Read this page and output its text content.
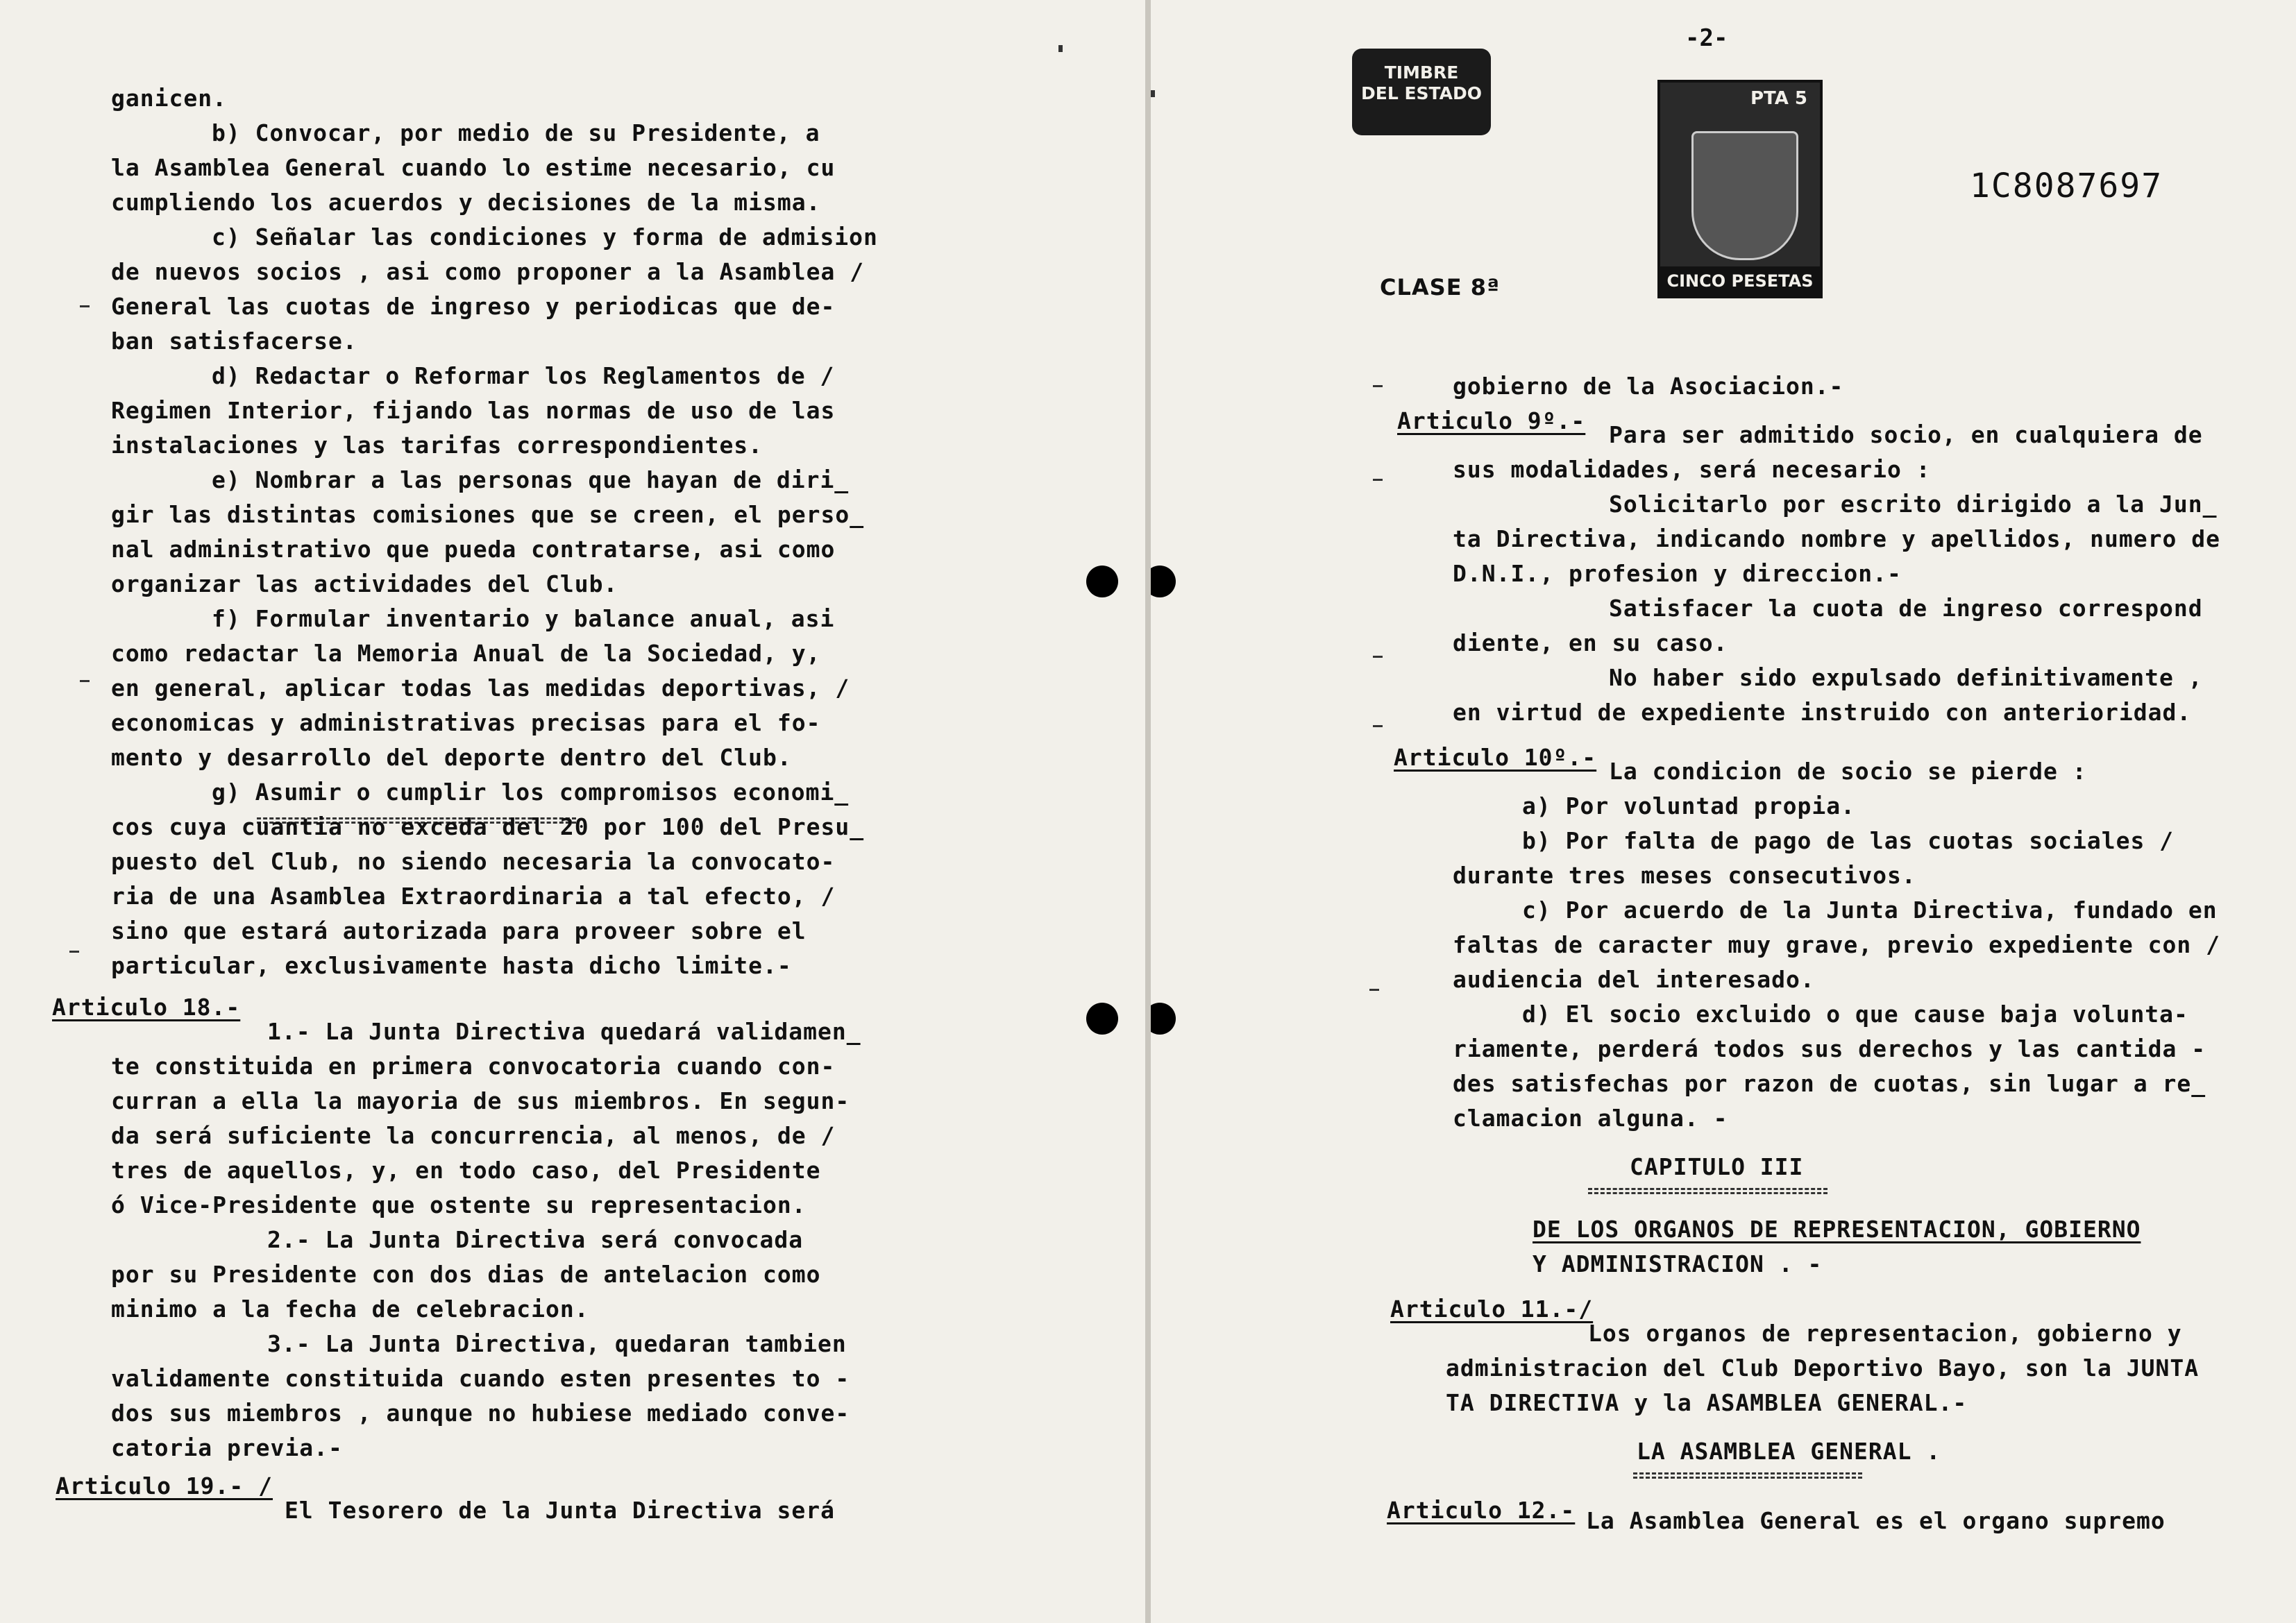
ganicen.
b) Convocar, por medio de su Presidente, a
la Asamblea General cuando lo estime necesario, cu
cumpliendo los acuerdos y decisiones de la misma.
c) Señalar las condiciones y forma de admision
de nuevos socios , asi como proponer a la Asamblea /
General las cuotas de ingreso y periodicas que de-
ban satisfacerse.
d) Redactar o Reformar los Reglamentos de /
Regimen Interior, fijando las normas de uso de las
instalaciones y las tarifas correspondientes.
e) Nombrar a las personas que hayan de diri_
gir las distintas comisiones que se creen, el perso_
nal administrativo que pueda contratarse, asi como
organizar las actividades del Club.
f) Formular inventario y balance anual, asi
como redactar la Memoria Anual de la Sociedad, y,
en general, aplicar todas las medidas deportivas, /
economicas y administrativas precisas para el fo-
mento y desarrollo del deporte dentro del Club.
g) Asumir o cumplir los compromisos economi_
cos cuya cuantia no exceda del 20 por 100 del Presu_
puesto del Club, no siendo necesaria la convocato-
ria de una Asamblea Extraordinaria a tal efecto, /
sino que estará autorizada para proveer sobre el
particular, exclusivamente hasta dicho limite.-
Articulo 18.-
1.- La Junta Directiva quedará validamen_
te constituida en primera convocatoria cuando con-
curran a ella la mayoria de sus miembros. En segun-
da será suficiente la concurrencia, al menos, de /
tres de aquellos, y, en todo caso, del Presidente
ó Vice-Presidente que ostente su representacion.
2.- La Junta Directiva será convocada
por su Presidente con dos dias de antelacion como
minimo a la fecha de celebracion.
3.- La Junta Directiva, quedaran tambien
validamente constituida cuando esten presentes to -
dos sus miembros , aunque no hubiese mediado conve-
catoria previa.-
Articulo 19.- /
El Tesorero de la Junta Directiva será
-2-
TIMBRE
DEL ESTADO	PTA 5
CINCO PESETAS
1C8087697
CLASE 8ª
gobierno de la Asociacion.-
Articulo 9º.-
Para ser admitido socio, en cualquiera de
sus modalidades, será necesario :
Solicitarlo por escrito dirigido a la Jun_
ta Directiva, indicando nombre y apellidos, numero de
D.N.I., profesion y direccion.-
Satisfacer la cuota de ingreso correspond
diente, en su caso.
No haber sido expulsado definitivamente ,
en virtud de expediente instruido con anterioridad.
Articulo 10º.-
La condicion de socio se pierde :
a) Por voluntad propia.
b) Por falta de pago de las cuotas sociales /
durante tres meses consecutivos.
c) Por acuerdo de la Junta Directiva, fundado en
faltas de caracter muy grave, previo expediente con /
audiencia del interesado.
d) El socio excluido o que cause baja volunta-
riamente, perderá todos sus derechos y las cantida -
des satisfechas por razon de cuotas, sin lugar a re_
clamacion alguna. -
CAPITULO III
DE LOS ORGANOS DE REPRESENTACION, GOBIERNO
Y ADMINISTRACION . -
Articulo 11.-/
Los organos de representacion, gobierno y
administracion del Club Deportivo Bayo, son la JUNTA
TA DIRECTIVA y la ASAMBLEA GENERAL.-
LA ASAMBLEA GENERAL .
Articulo 12.- La Asamblea General es el organo supremo
